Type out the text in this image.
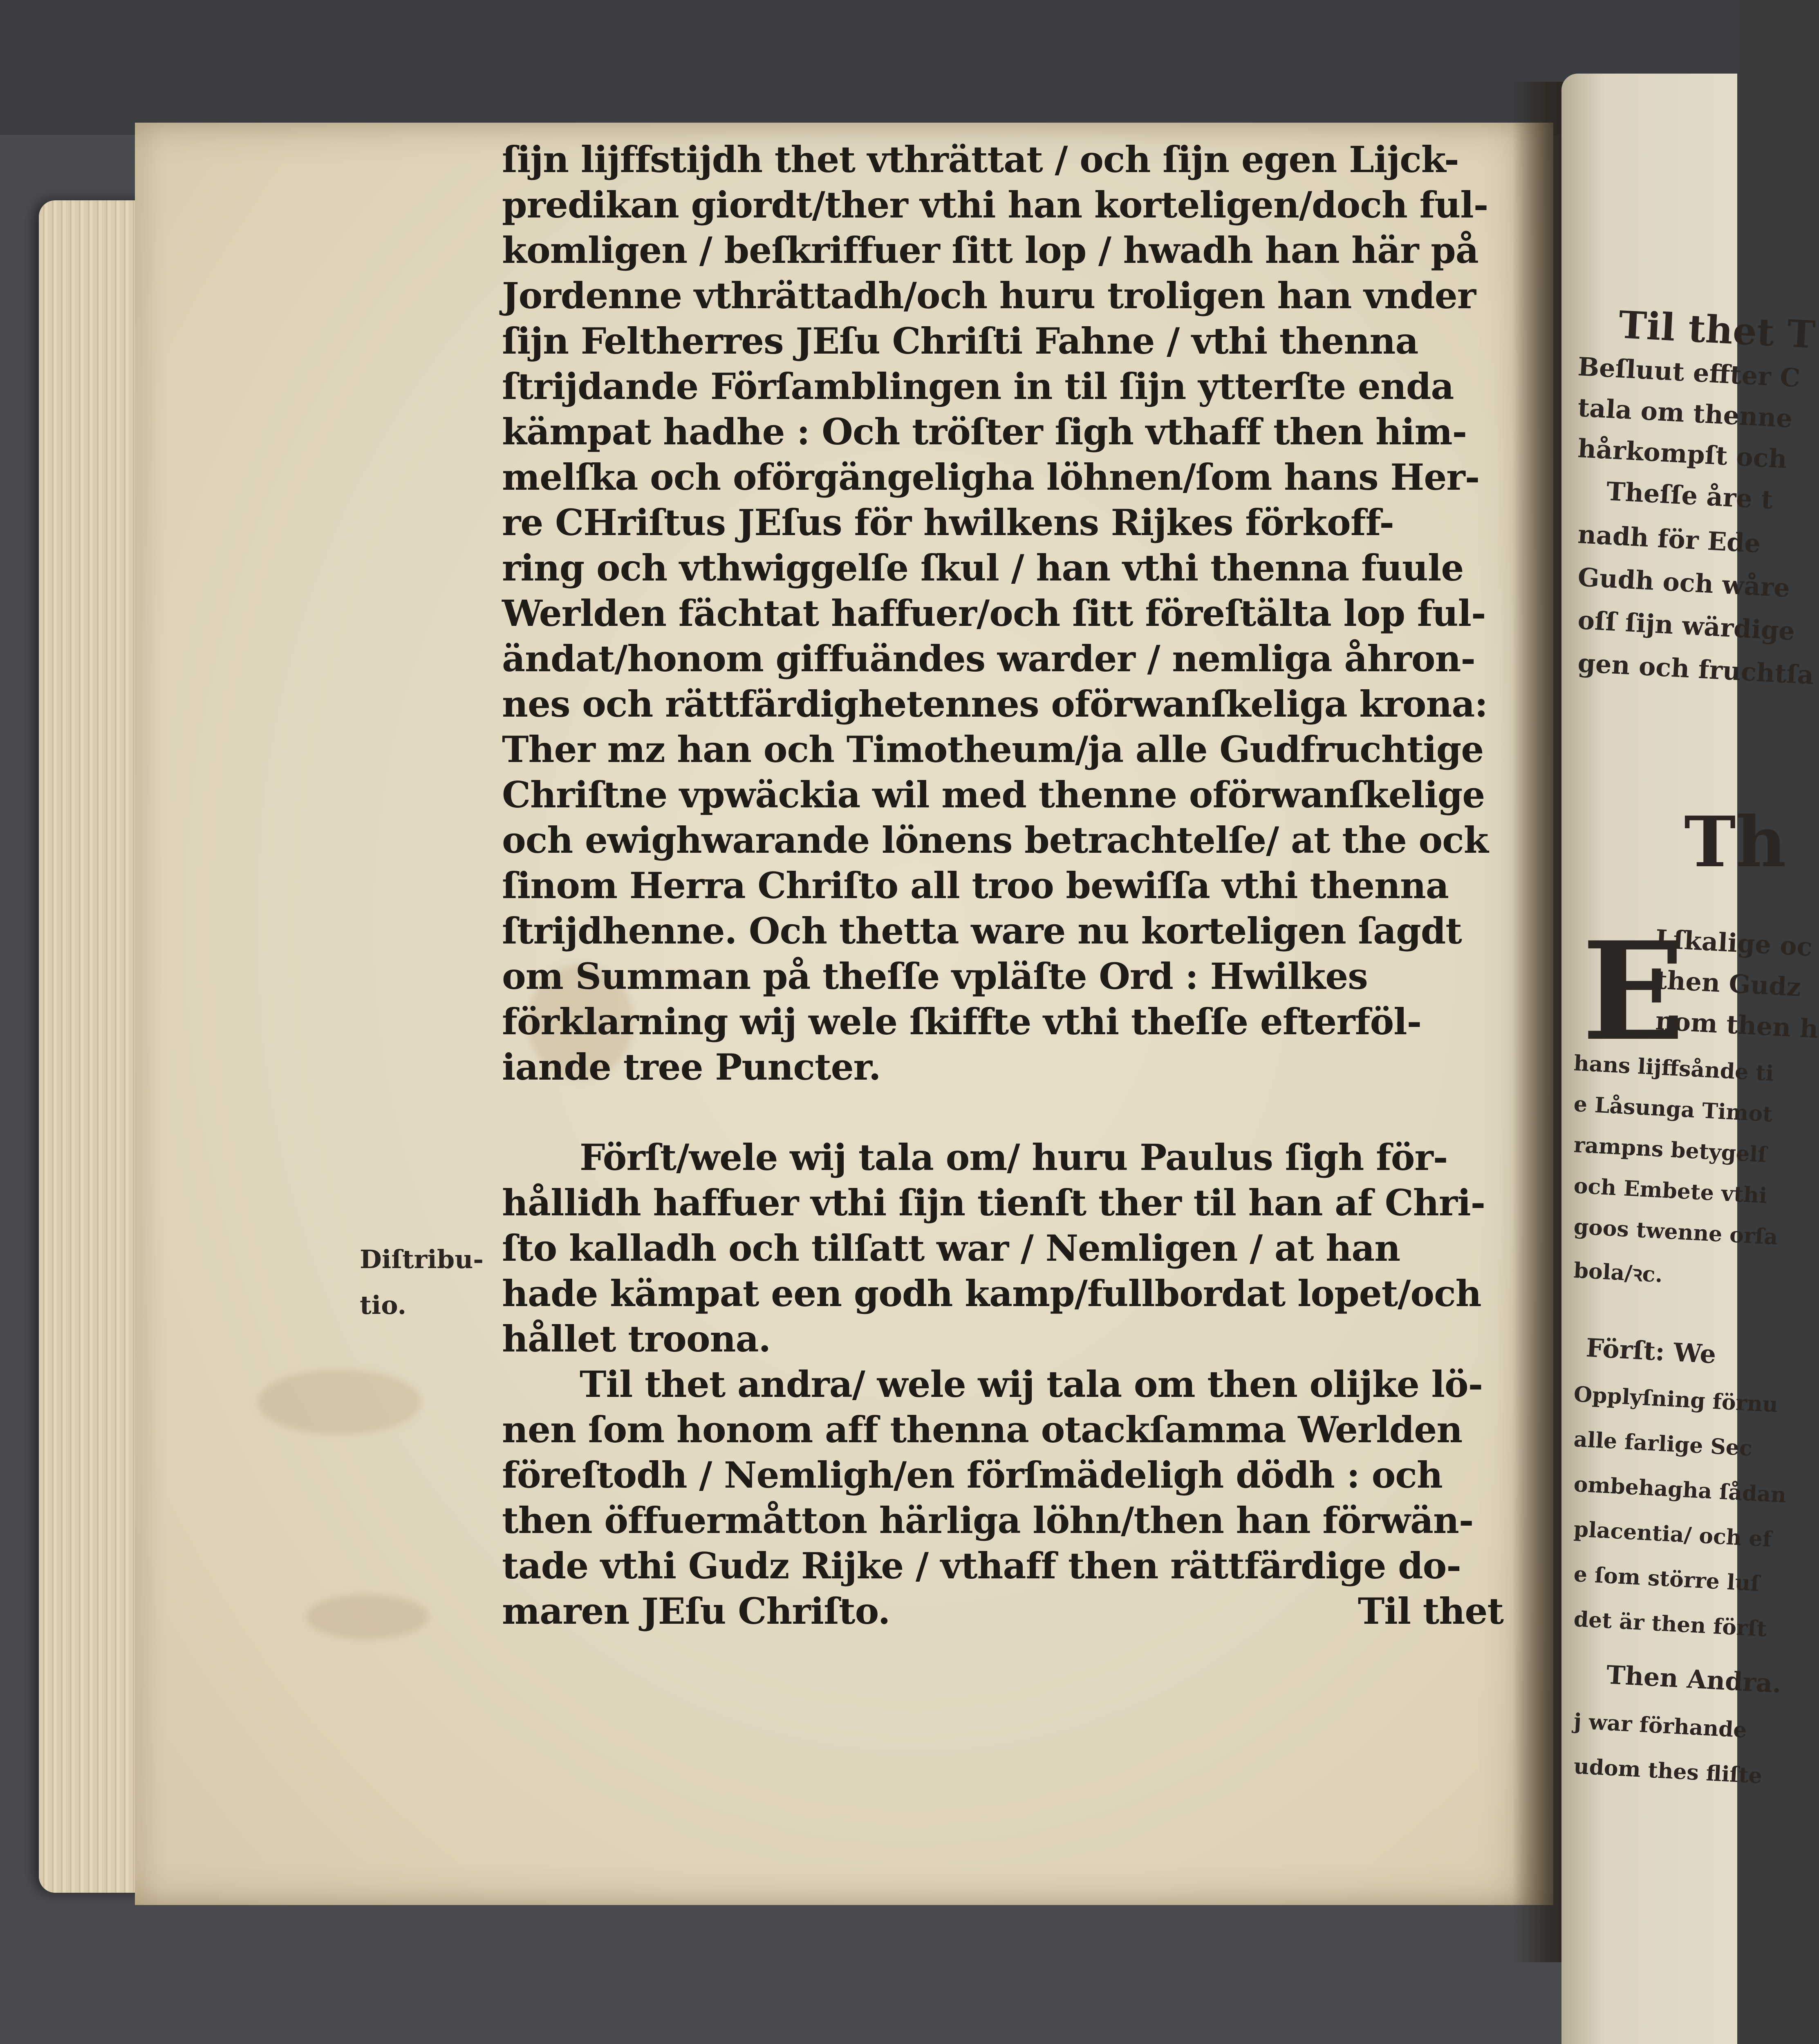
Diſtribu-
tio.
ſijn lijffstijdh thet vthrättat / och ſijn egen Lijck-
predikan giordt/ther vthi han korteligen/doch ful-
komligen / beſkriffuer ſitt lop / hwadh han här på
Jordenne vthrättadh/och huru troligen han vnder
ſijn Feltherres JEſu Chriſti Fahne / vthi thenna
ſtrijdande Förſamblingen in til ſijn ytterſte enda
kämpat hadhe : Och tröſter ſigh vthaff then him-
melſka och oförgängeligha löhnen/ſom hans Her-
re CHriſtus JEſus för hwilkens Rijkes förkoff-
ring och vthwiggelſe ſkul / han vthi thenna fuule
Werlden fächtat haffuer/och ſitt föreſtälta lop ful-
ändat/honom giffuändes warder / nemliga åhron-
nes och rättfärdighetennes oförwanſkeliga krona:
Ther mz han och Timotheum/ja alle Gudfruchtige
Chriſtne vpwäckia wil med thenne oförwanſkelige
och ewighwarande lönens betrachtelſe/ at the ock
ſinom Herra Chriſto all troo bewiſſa vthi thenna
ſtrijdhenne. Och thetta ware nu korteligen ſagdt
om Summan på theſſe vpläſte Ord : Hwilkes
förklarning wij wele ſkiffte vthi theſſe efterföl-
iande tree Puncter.
Förſt/wele wij tala om/ huru Paulus ſigh för-
hållidh haffuer vthi ſijn tienſt ther til han af Chri-
ſto kalladh och tilſatt war / Nemligen / at han
hade kämpat een godh kamp/fullbordat lopet/och
hållet troona.
Til thet andra/ wele wij tala om then olijke lö-
nen ſom honom aff thenna otackſamma Werlden
föreſtodh / Nemligh/en förſmädeligh dödh : och
then öffuermåtton härliga löhn/then han förwän-
tade vthi Gudz Rijke / vthaff then rättfärdige do-
maren JEſu Chriſto.	Til thet
Til thet T
Beſluut effter C
tala om thenne
hårkompſt och
Theſſe åre t
nadh för Ede
Gudh och wåre
oſſ ſijn wärdige
gen och fruchtſa
Th
E
Lſkalige oc
then Gudz
nom then h
hans lijffsånde ti
e Låsunga Timot
rampns betygelſ
och Embete vthi
goos twenne orſa
bola/ꝛc.
Förſt: We
Opplyſning förnu
alle farlige Sec
ombehagha ſådan
placentia/ och ef
e ſom större luſ
det är then förſt
Then Andra.
j war förhande
udom thes fliſte
